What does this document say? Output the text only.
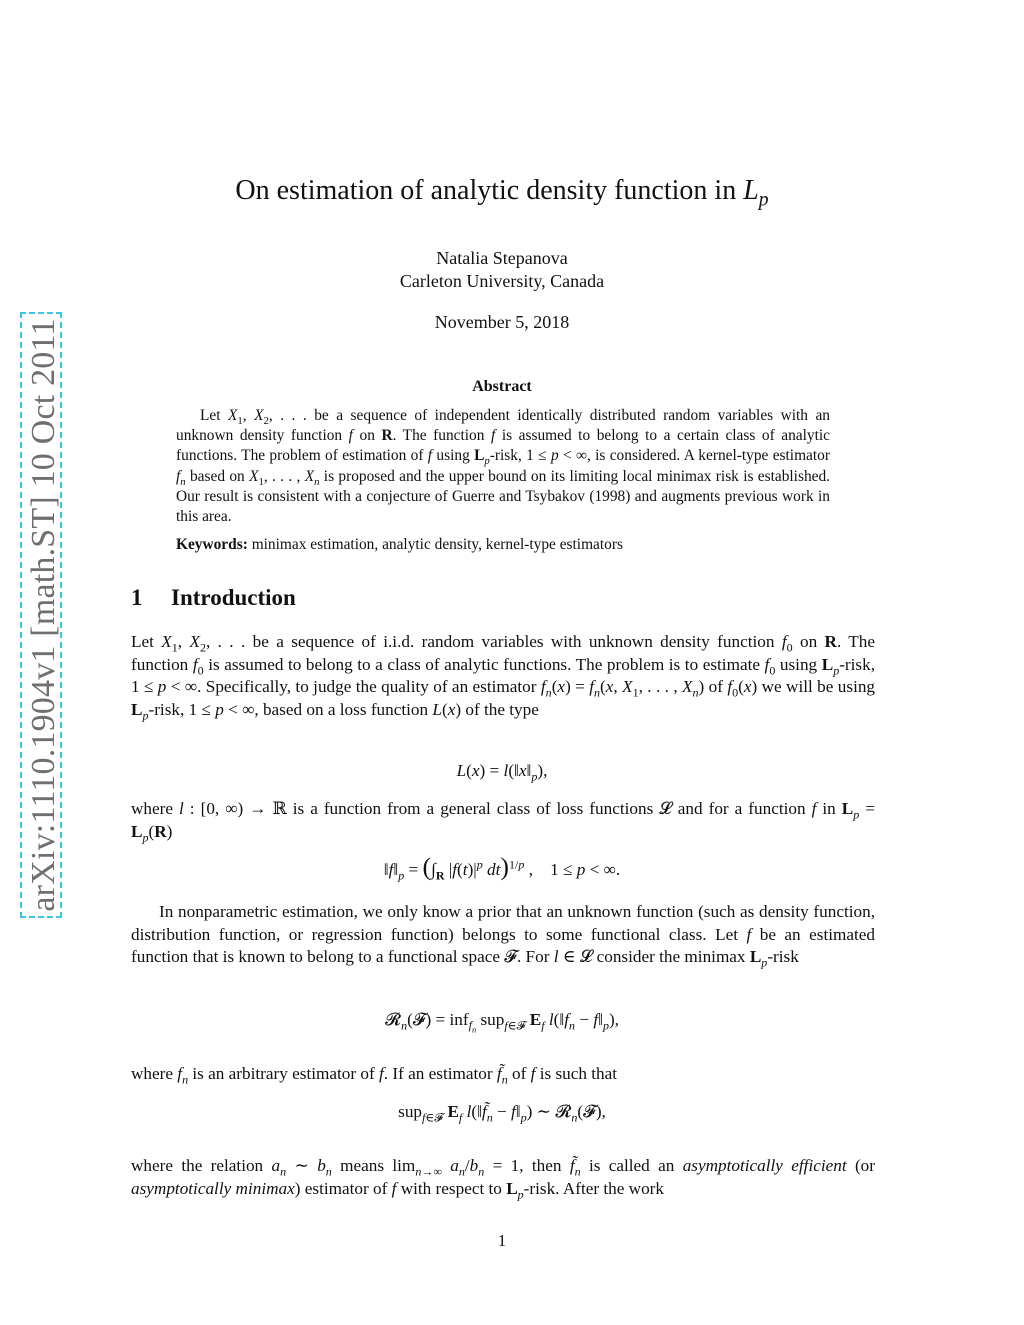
arXiv:1110.1904v1 [math.ST] 10 Oct 2011
On estimation of analytic density function in $L_p$
Natalia Stepanova
Carleton University, Canada
November 5, 2018
Abstract

Let $X_1$, $X_2$, . . . be a sequence of independent identically distributed random variables with an unknown density function f on R. The function f is assumed to belong to a certain class of analytic functions. The problem of estimation of f using $L_p$-risk, 1 ≤ p < ∞, is considered. A kernel-type estimator $f_n$ based on $X_1$, . . . , $X_n$ is proposed and the upper bound on its limiting local minimax risk is established. Our result is consistent with a conjecture of Guerre and Tsybakov (1998) and augments previous work in this area.

Keywords: minimax estimation, analytic density, kernel-type estimators
1 Introduction

Let $X_1$, $X_2$, . . . be a sequence of i.i.d. random variables with unknown density function $f_0$ on R. The function $f_0$ is assumed to belong to a class of analytic functions. The problem is to estimate $f_0$ using $L_p$-risk, 1 ≤ p < ∞. Specifically, to judge the quality of an estimator $f_n(x) = f_n(x$, $X_1$, . . . , $X_n$) of $f_0(x)$ we will be using $L_p$-risk, 1 ≤ p < ∞, based on a loss function L(x) of the type

$L(x) = l(‖x‖_p)$,

where l : [0, ∞) → ℝ is a function from a general class of loss functions 𝓛 and for a function f in $L_p = L_p(R)$

$‖f‖_p = (\int_R$ $|f(t)|^p$ dt)$^{1/p}$ ,    1 ≤ p < ∞.

In nonparametric estimation, we only know a prior that an unknown function (such as density function, distribution function, or regression function) belongs to some functional class. Let f be an estimated function that is known to belong to a functional space 𝓕. For l ∈ 𝓛 consider the minimax $L_p$-risk

𝓡$_n$(𝓕) = inf$_{f_n}$ sup$_{f\in 𝓕}$ $E_f$ $l(‖f_n$ − $f‖_p$),

where $f_n$ is an arbitrary estimator of f. If an estimator $f̃_n$ of f is such that

sup$_{f\in 𝓕}$ $E_f$ $l(‖f̃_n$ − $f‖_p$) ∼ 𝓡$_n$(𝓕),

where the relation $a_n$ ∼ $b_n$ means $\lim_{n\to\infty} a_n/b_n = 1$, then $f̃_n$ is called an asymptotically efficient (or asymptotically minimax) estimator of f with respect to $L_p$-risk. After the work

1
